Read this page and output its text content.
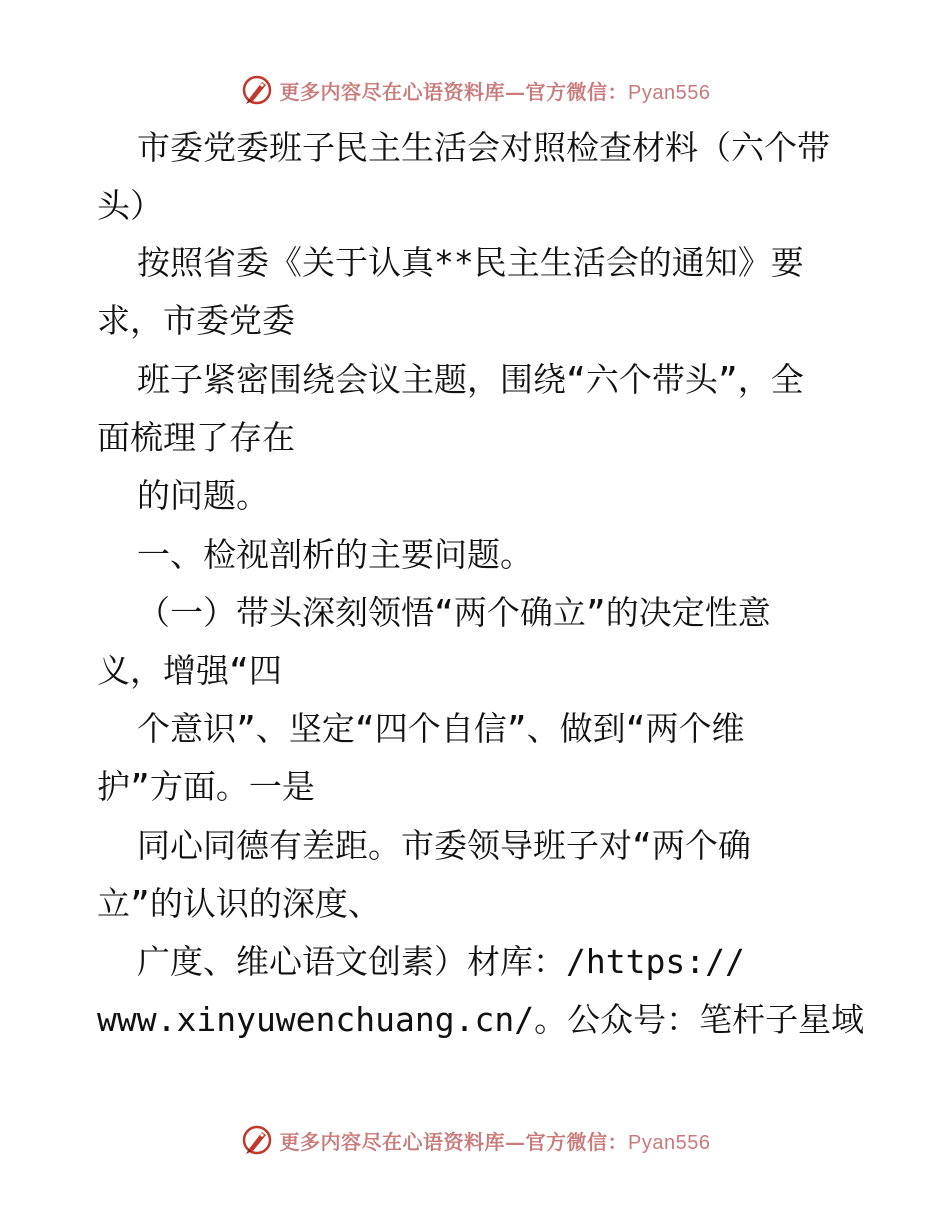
更多内容尽在心语资料库—官方微信：Pyan556
市委党委班子民主生活会对照检查材料（六个带
头）
按照省委《关于认真**民主生活会的通知》要
求，市委党委
班子紧密围绕会议主题，围绕“六个带头”，全
面梳理了存在
的问题。
一、检视剖析的主要问题。
（一）带头深刻领悟“两个确立”的决定性意
义，增强“四
个意识”、坚定“四个自信”、做到“两个维
护”方面。一是
同心同德有差距。市委领导班子对“两个确
立”的认识的深度、
广度、维心语文创素）材库：/https://
www.xinyuwenchuang.cn/。公众号：笔杆子星域
更多内容尽在心语资料库—官方微信：Pyan556
